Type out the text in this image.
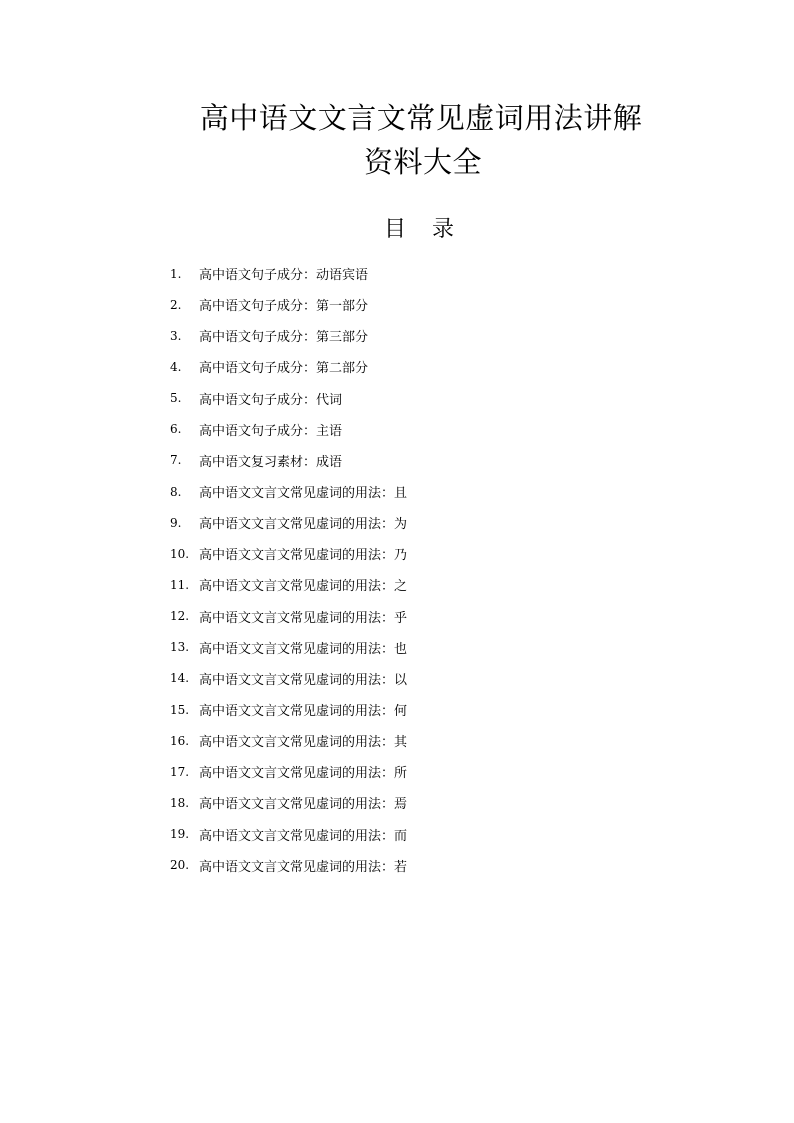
高中语文文言文常见虚词用法讲解
资料大全
目 录
1.	高中语文句子成分：动语宾语
2.	高中语文句子成分：第一部分
3.	高中语文句子成分：第三部分
4.	高中语文句子成分：第二部分
5.	高中语文句子成分：代词
6.	高中语文句子成分：主语
7.	高中语文复习素材：成语
8.	高中语文文言文常见虚词的用法：且
9.	高中语文文言文常见虚词的用法：为
10. 高中语文文言文常见虚词的用法：乃
11. 高中语文文言文常见虚词的用法：之
12. 高中语文文言文常见虚词的用法：乎
13. 高中语文文言文常见虚词的用法：也
14. 高中语文文言文常见虚词的用法：以
15. 高中语文文言文常见虚词的用法：何
16. 高中语文文言文常见虚词的用法：其
17. 高中语文文言文常见虚词的用法：所
18. 高中语文文言文常见虚词的用法：焉
19. 高中语文文言文常见虚词的用法：而
20. 高中语文文言文常见虚词的用法：若
